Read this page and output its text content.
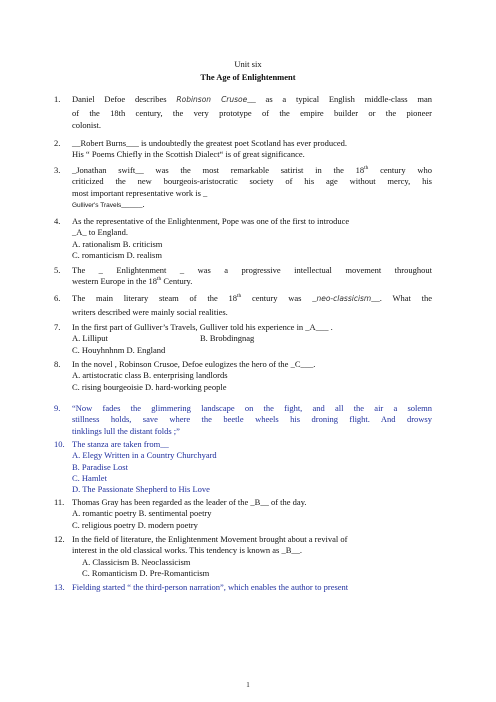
Unit six
The Age of Enlightenment
1. Daniel Defoe describes Robinson Crusoe__ as a typical English middle-class man
of the 18th century, the very prototype of the empire builder or the pioneer
colonist.
2. __Robert Burns___ is undoubtedly the greatest poet Scotland has ever produced.
His “ Poems Chiefly in the Scottish Dialect“ is of great significance.
3. _Jonathan swift__ was the most remarkable satirist in the 18th century who
criticized the new bourgeois-aristocratic society of his age without mercy, his
most important representative work is _
Gulliver's Travels_____.
4. As the representative of the Enlightenment, Pope was one of the first to introduce
_A_ to England.
A. rationalism B. criticism
C. romanticism D. realism
5. The _ Enlightenment _ was a progressive intellectual movement throughout
western Europe in the 18th Century.
6. The main literary steam of the 18th century was _neo-classicism__. What the
writers described were mainly social realities.
7. In the first part of Gulliver’s Travels, Gulliver told his experience in _A___ .
A. Lilliput	B. Brobdingnag
C. Houyhnhnm D. England
8. In the novel , Robinson Crusoe, Defoe eulogizes the hero of the _C___.
A. artistocratic class B. enterprising landlords
C. rising bourgeoisie D. hard-working people
9. “Now fades the glimmering landscape on the fight, and all the air a solemn
stillness holds, save where the beetle wheels his droning flight. And drowsy
tinklings lull the distant folds ;”
10. The stanza are taken from__
A. Elegy Written in a Country Churchyard
B. Paradise Lost
C. Hamlet
D. The Passionate Shepherd to His Love
11. Thomas Gray has been regarded as the leader of the _B__ of the day.
A. romantic poetry B. sentimental poetry
C. religious poetry D. modern poetry
12. In the field of literature, the Enlightenment Movement brought about a revival of
interest in the old classical works. This tendency is known as _B__.
A. Classicism B. Neoclassicism
C. Romanticism D. Pre-Romanticism
13. Fielding started “ the third-person narration”, which enables the author to present
1
